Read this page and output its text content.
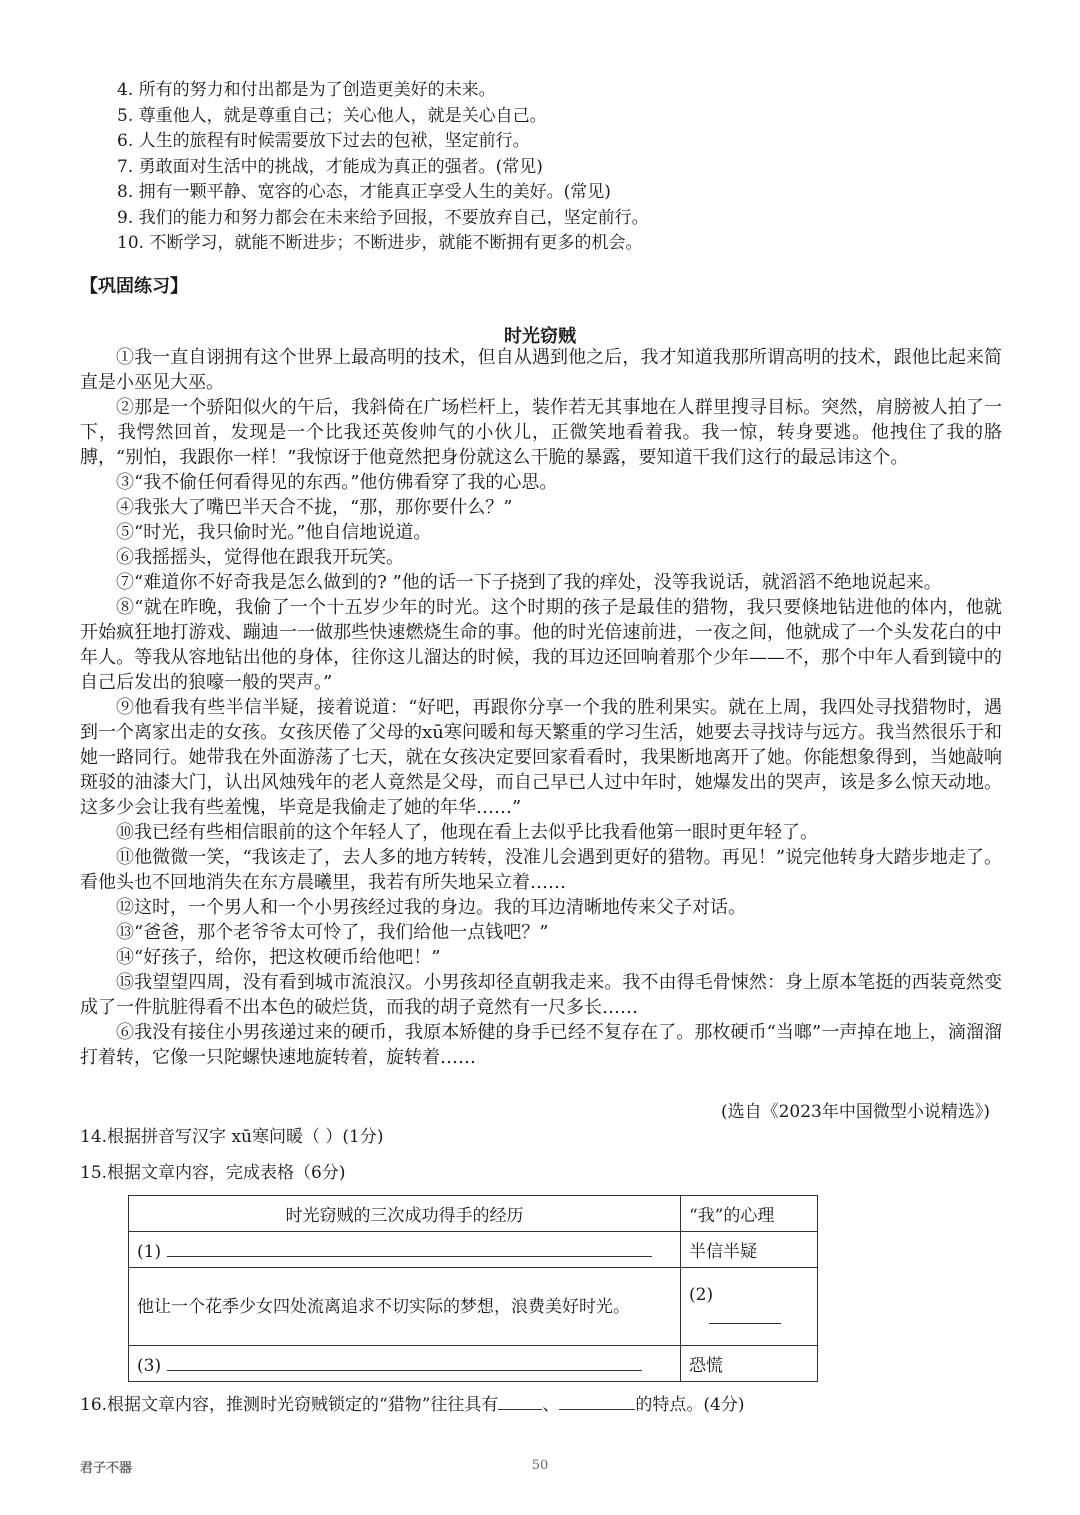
4. 所有的努力和付出都是为了创造更美好的未来。
5. 尊重他人，就是尊重自己；关心他人，就是关心自己。
6. 人生的旅程有时候需要放下过去的包袱，坚定前行。
7. 勇敢面对生活中的挑战，才能成为真正的强者。(常见)
8. 拥有一颗平静、宽容的心态，才能真正享受人生的美好。(常见)
9. 我们的能力和努力都会在未来给予回报，不要放弃自己，坚定前行。
10. 不断学习，就能不断进步；不断进步，就能不断拥有更多的机会。
【巩固练习】
时光窃贼

①我一直自诩拥有这个世界上最高明的技术，但自从遇到他之后，我才知道我那所谓高明的技术，跟他比起来简直是小巫见大巫。

②那是一个骄阳似火的午后，我斜倚在广场栏杆上，装作若无其事地在人群里搜寻目标。突然，肩膀被人拍了一下，我愕然回首，发现是一个比我还英俊帅气的小伙儿，正微笑地看着我。我一惊，转身要逃。他拽住了我的胳膊，“别怕，我跟你一样！”我惊讶于他竟然把身份就这么干脆的暴露，要知道干我们这行的最忌讳这个。

③“我不偷任何看得见的东西。”他仿佛看穿了我的心思。

④我张大了嘴巴半天合不拢，“那，那你要什么？”

⑤“时光，我只偷时光。”他自信地说道。

⑥我摇摇头，觉得他在跟我开玩笑。

⑦“难道你不好奇我是怎么做到的? ”他的话一下子挠到了我的痒处，没等我说话，就滔滔不绝地说起来。

⑧“就在昨晚，我偷了一个十五岁少年的时光。这个时期的孩子是最佳的猎物，我只要倏地钻进他的体内，他就开始疯狂地打游戏、蹦迪一一做那些快速燃烧生命的事。他的时光倍速前进，一夜之间，他就成了一个头发花白的中年人。等我从容地钻出他的身体，往你这儿溜达的时候，我的耳边还回响着那个少年——不，那个中年人看到镜中的自己后发出的狼嚎一般的哭声。”

⑨他看我有些半信半疑，接着说道：“好吧，再跟你分享一个我的胜利果实。就在上周，我四处寻找猎物时，遇到一个离家出走的女孩。女孩厌倦了父母的xū寒问暖和每天繁重的学习生活，她要去寻找诗与远方。我当然很乐于和她一路同行。她带我在外面游荡了七天，就在女孩决定要回家看看时，我果断地离开了她。你能想象得到，当她敲响斑驳的油漆大门，认出风烛残年的老人竟然是父母，而自己早已人过中年时，她爆发出的哭声，该是多么惊天动地。这多少会让我有些羞愧，毕竟是我偷走了她的年华……”

⑩我已经有些相信眼前的这个年轻人了，他现在看上去似乎比我看他第一眼时更年轻了。

⑪他微微一笑，“我该走了，去人多的地方转转，没准儿会遇到更好的猎物。再见！”说完他转身大踏步地走了。看他头也不回地消失在东方晨曦里，我若有所失地呆立着……

⑫这时，一个男人和一个小男孩经过我的身边。我的耳边清晰地传来父子对话。

⑬“爸爸，那个老爷爷太可怜了，我们给他一点钱吧？”

⑭“好孩子，给你，把这枚硬币给他吧！”

⑮我望望四周，没有看到城市流浪汉。小男孩却径直朝我走来。我不由得毛骨悚然：身上原本笔挺的西装竟然变成了一件肮脏得看不出本色的破烂货，而我的胡子竟然有一尺多长……

⑥我没有接住小男孩递过来的硬币，我原本矫健的身手已经不复存在了。那枚硬币“当啷”一声掉在地上，滴溜溜打着转，它像一只陀螺快速地旋转着，旋转着……

(选自《2023年中国微型小说精选》)
14.根据拼音写汉字 xū寒问暖（ ）(1分)
15.根据文章内容，完成表格（6分)
时光窃贼的三次成功得手的经历	“我”的心理
(1)	半信半疑
他让一个花季少女四处流离追求不切实际的梦想，浪费美好时光。	(2)
(3)	恐慌
16.根据文章内容，推测时光窃贼锁定的“猎物”往往具有	、	的特点。(4分)
君子不器	50
